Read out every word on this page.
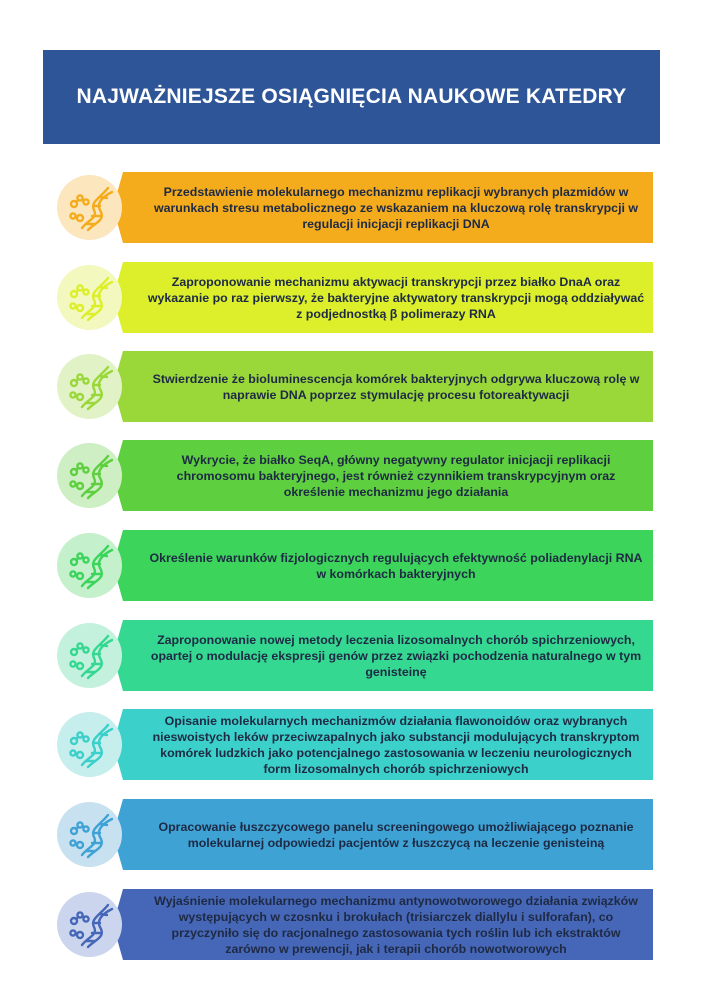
NAJWAŻNIEJSZE OSIĄGNIĘCIA NAUKOWE KATEDRY
Przedstawienie molekularnego mechanizmu replikacji wybranych plazmidów w warunkach stresu metabolicznego ze wskazaniem na kluczową rolę transkrypcji w regulacji inicjacji replikacji DNA
Zaproponowanie mechanizmu aktywacji transkrypcji przez białko DnaA oraz wykazanie po raz pierwszy, że bakteryjne aktywatory transkrypcji mogą oddziaływać z podjednostką β polimerazy RNA
Stwierdzenie że bioluminescencja komórek bakteryjnych odgrywa kluczową rolę w naprawie DNA poprzez stymulację procesu fotoreaktywacji
Wykrycie, że białko SeqA, główny negatywny regulator inicjacji replikacji chromosomu bakteryjnego, jest również czynnikiem transkrypcyjnym oraz określenie mechanizmu jego działania
Określenie warunków fizjologicznych regulujących efektywność poliadenylacji RNA w komórkach bakteryjnych
Zaproponowanie nowej metody leczenia lizosomalnych chorób spichrzeniowych, opartej o modulację ekspresji genów przez związki pochodzenia naturalnego w tym genisteinę
Opisanie molekularnych mechanizmów działania flawonoidów oraz wybranych nieswoistych leków przeciwzapalnych jako substancji modulujących transkryptom komórek ludzkich jako potencjalnego zastosowania w leczeniu neurologicznych form lizosomalnych chorób spichrzeniowych
Opracowanie łuszczycowego panelu screeningowego umożliwiającego poznanie molekularnej odpowiedzi pacjentów z łuszczycą na leczenie genisteiną
Wyjaśnienie molekularnego mechanizmu antynowotworowego działania związków występujących w czosnku i brokułach (trisiarczek diallylu i sulforafan), co przyczyniło się do racjonalnego zastosowania tych roślin lub ich ekstraktów zarówno w prewencji, jak i terapii chorób nowotworowych
